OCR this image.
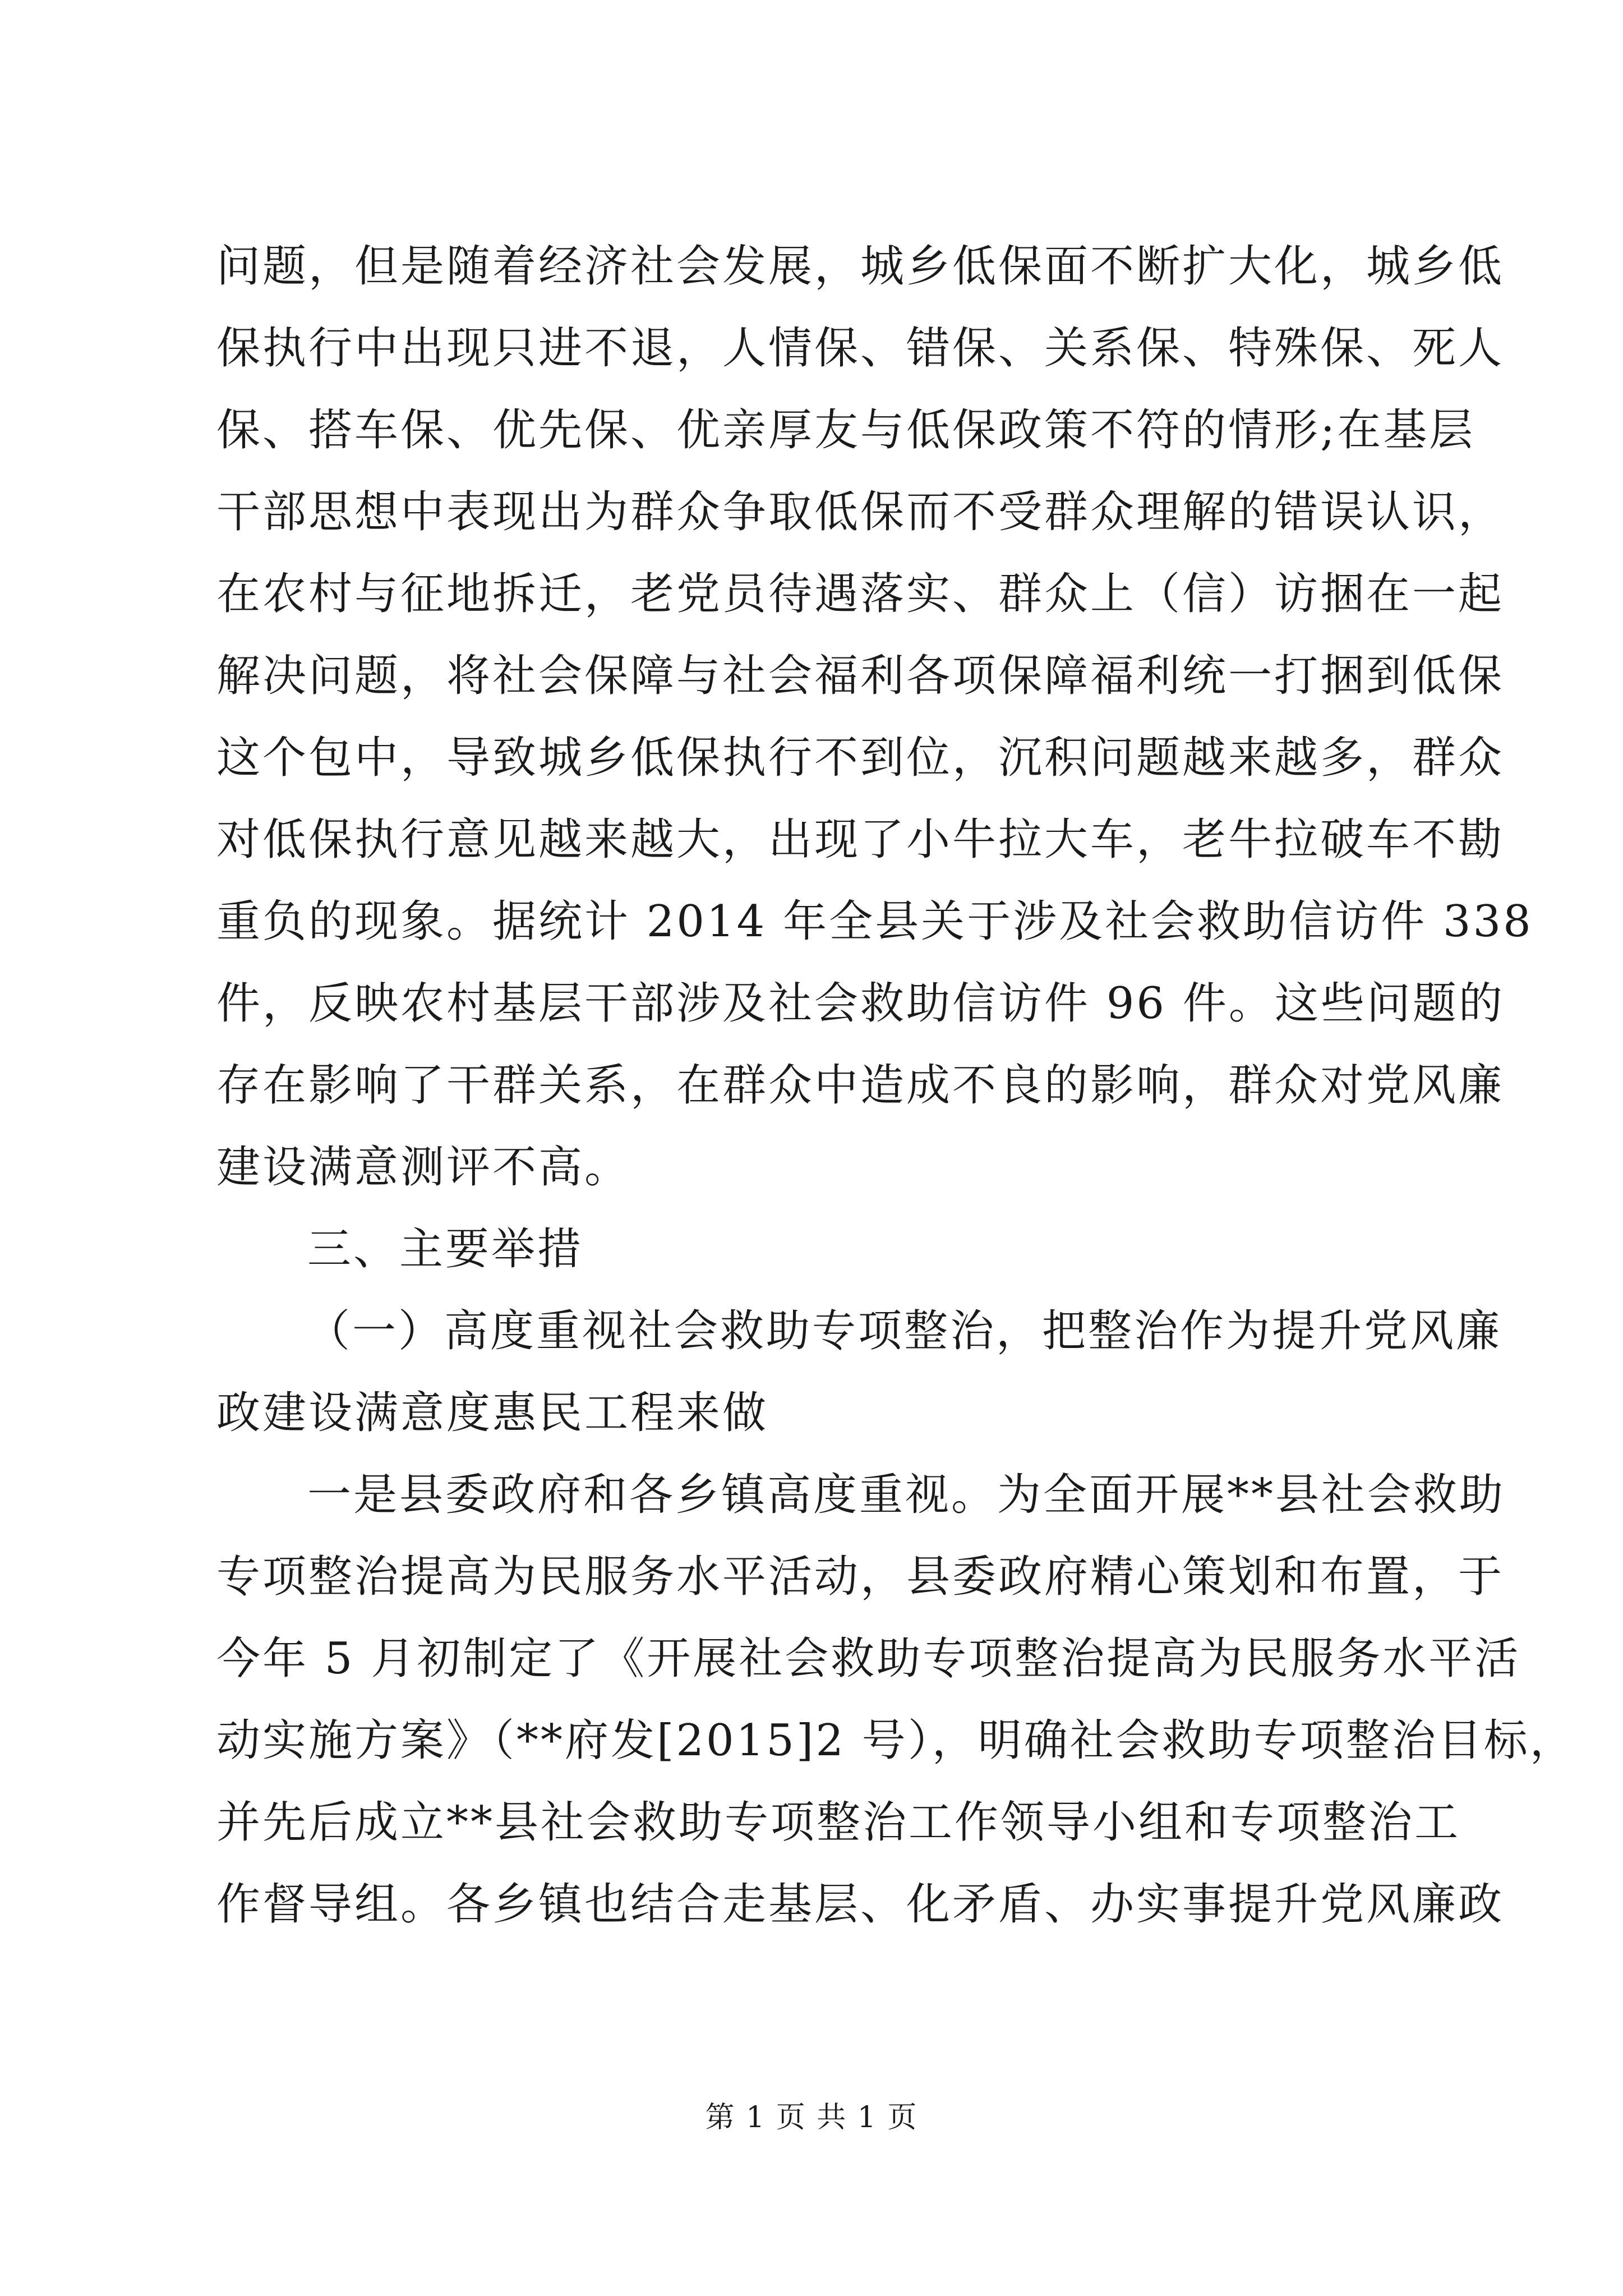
问题，但是随着经济社会发展，城乡低保面不断扩大化，城乡低
保执行中出现只进不退，人情保、错保、关系保、特殊保、死人
保、搭车保、优先保、优亲厚友与低保政策不符的情形;在基层
干部思想中表现出为群众争取低保而不受群众理解的错误认识，
在农村与征地拆迁，老党员待遇落实、群众上（信）访捆在一起
解决问题，将社会保障与社会福利各项保障福利统一打捆到低保
这个包中，导致城乡低保执行不到位，沉积问题越来越多，群众
对低保执行意见越来越大，出现了小牛拉大车，老牛拉破车不勘
重负的现象。据统计 2014 年全县关于涉及社会救助信访件 338
件，反映农村基层干部涉及社会救助信访件 96 件。这些问题的
存在影响了干群关系，在群众中造成不良的影响，群众对党风廉
建设满意测评不高。
三、主要举措
（一）高度重视社会救助专项整治，把整治作为提升党风廉
政建设满意度惠民工程来做
一是县委政府和各乡镇高度重视。为全面开展**县社会救助
专项整治提高为民服务水平活动，县委政府精心策划和布置，于
今年 5 月初制定了《开展社会救助专项整治提高为民服务水平活
动实施方案》（**府发[2015]2 号），明确社会救助专项整治目标，
并先后成立**县社会救助专项整治工作领导小组和专项整治工
作督导组。各乡镇也结合走基层、化矛盾、办实事提升党风廉政
第 1 页 共 1 页
